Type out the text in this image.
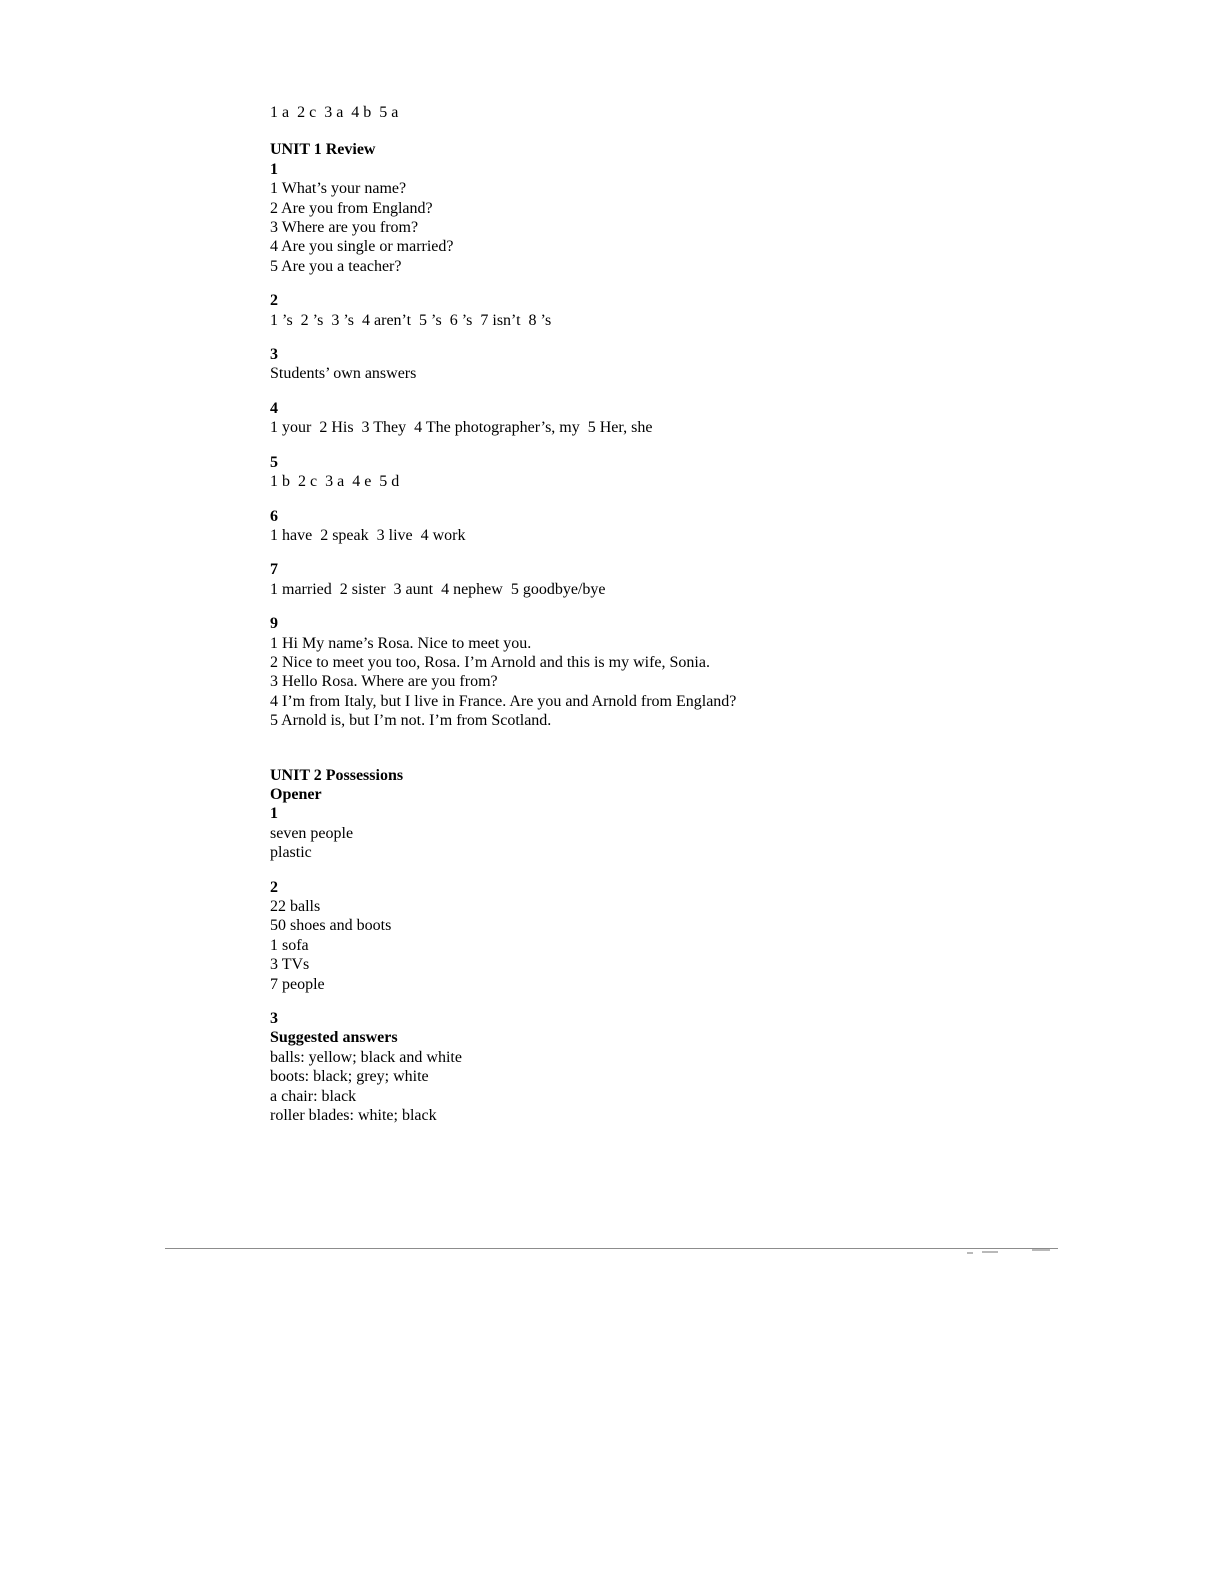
1 a  2 c  3 a  4 b  5 a

UNIT 1 Review

1

1 What’s your name?

2 Are you from England?

3 Where are you from?

4 Are you single or married?

5 Are you a teacher?

2

1 ’s  2 ’s  3 ’s  4 aren’t  5 ’s  6 ’s  7 isn’t  8 ’s

3

Students’ own answers

4

1 your  2 His  3 They  4 The photographer’s, my  5 Her, she

5

1 b  2 c  3 a  4 e  5 d

6

1 have  2 speak  3 live  4 work

7

1 married  2 sister  3 aunt  4 nephew  5 goodbye/bye

9

1 Hi My name’s Rosa. Nice to meet you.

2 Nice to meet you too, Rosa. I’m Arnold and this is my wife, Sonia.

3 Hello Rosa. Where are you from?

4 I’m from Italy, but I live in France. Are you and Arnold from England?

5 Arnold is, but I’m not. I’m from Scotland.

UNIT 2 Possessions

Opener

1

seven people

plastic

2

22 balls

50 shoes and boots

1 sofa

3 TVs

7 people

3

Suggested answers

balls: yellow; black and white

boots: black; grey; white

a chair: black

roller blades: white; black
